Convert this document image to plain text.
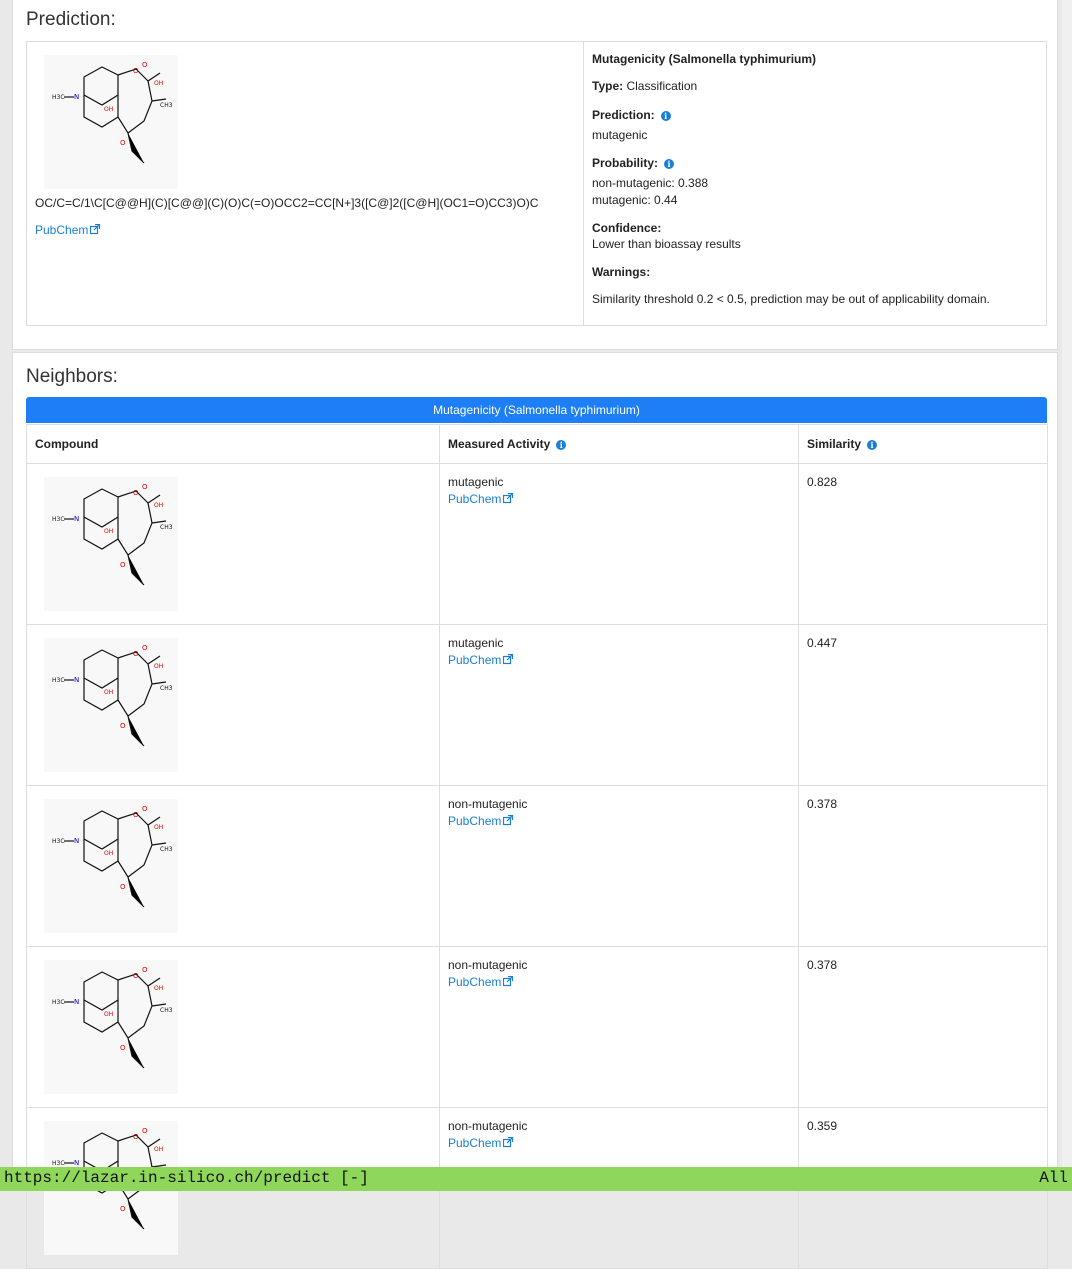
Prediction:
OC/C=C/1\C[C@@H](C)[C@@](C)(O)C(=O)OCC2=CC[N+]3([C@]2([C@H](OC1=O)CC3)O)C
PubChem
Mutagenicity (Salmonella typhimurium)
Type: Classification
Prediction: i
mutagenic
Probability: i
non-mutagenic: 0.388
mutagenic: 0.44
Confidence:
Lower than bioassay results
Warnings:
Similarity threshold 0.2 < 0.5, prediction may be out of applicability domain.
Neighbors:
Mutagenicity (Salmonella typhimurium)
Compound	Measured Activity i	Similarity i

mutagenic
PubChem	0.828

mutagenic
PubChem	0.447

non-mutagenic
PubChem	0.378

non-mutagenic
PubChem	0.378

non-mutagenic
PubChem	0.359
https://lazar.in-silico.ch/predict [-]	All
